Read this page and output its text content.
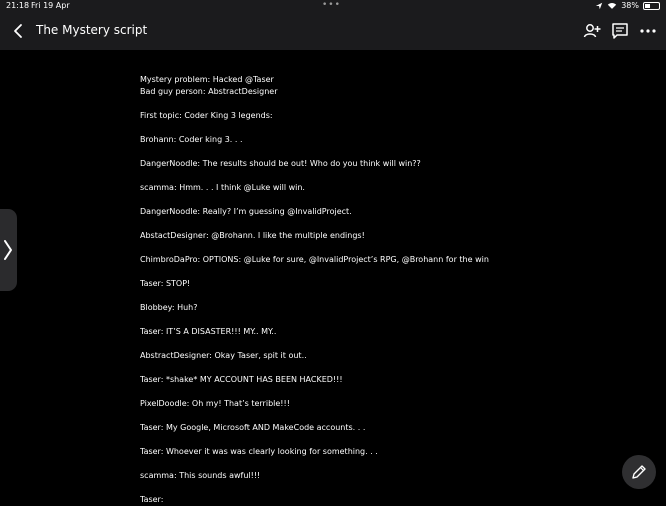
21:18 Fri 19 Apr	•••	38%
The Mystery script
Mystery problem: Hacked @Taser
Bad guy person: AbstractDesigner
First topic: Coder King 3 legends:
Brohann: Coder king 3. . .
DangerNoodle: The results should be out! Who do you think will win??
scamma: Hmm. . . I think @Luke will win.
DangerNoodle: Really? I’m guessing @InvalidProject.
AbstactDesigner: @Brohann. I like the multiple endings!
ChimbroDaPro: OPTIONS: @Luke for sure, @InvalidProject’s RPG, @Brohann for the win
Taser: STOP!
Blobbey: Huh?
Taser: IT’S A DISASTER!!! MY.. MY..
AbstractDesigner: Okay Taser, spit it out..
Taser: *shake* MY ACCOUNT HAS BEEN HACKED!!!
PixelDoodle: Oh my! That’s terrible!!!
Taser: My Google, Microsoft AND MakeCode accounts. . .
Taser: Whoever it was was clearly looking for something. . .
scamma: This sounds awful!!!
Taser:
